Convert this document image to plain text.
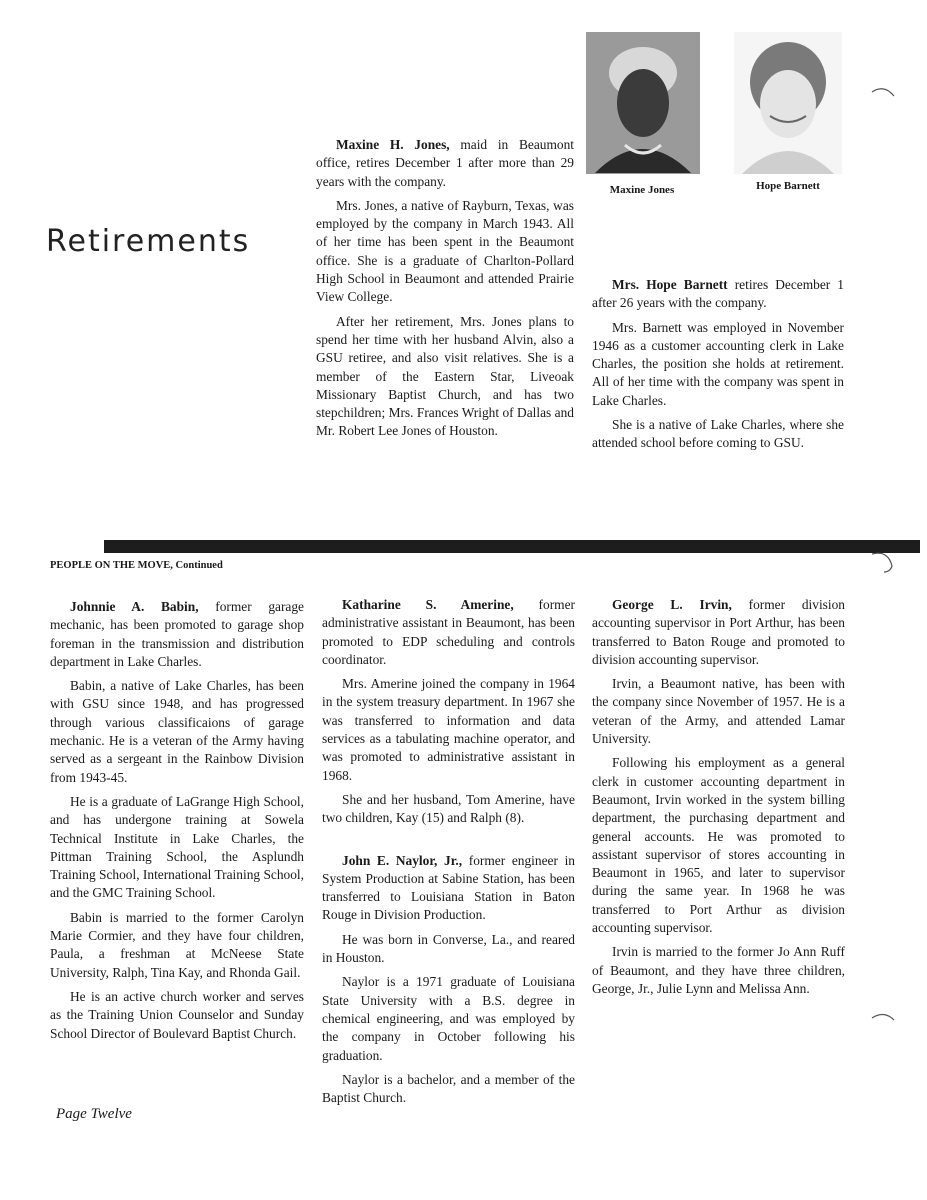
Retirements

Maxine H. Jones, maid in Beaumont office, retires December 1 after more than 29 years with the company.

Mrs. Jones, a native of Rayburn, Texas, was employed by the company in March 1943. All of her time has been spent in the Beaumont office. She is a graduate of Charlton-Pollard High School in Beaumont and attended Prairie View College.

After her retirement, Mrs. Jones plans to spend her time with her husband Alvin, also a GSU retiree, and also visit relatives. She is a member of the Eastern Star, Liveoak Missionary Baptist Church, and has two stepchildren; Mrs. Frances Wright of Dallas and Mr. Robert Lee Jones of Houston.

Maxine Jones	Hope Barnett

Mrs. Hope Barnett retires December 1 after 26 years with the company.

Mrs. Barnett was employed in November 1946 as a customer accounting clerk in Lake Charles, the position she holds at retirement. All of her time with the company was spent in Lake Charles.

She is a native of Lake Charles, where she attended school before coming to GSU.

PEOPLE ON THE MOVE, Continued

Johnnie A. Babin, former garage mechanic, has been promoted to garage shop foreman in the transmission and distribution department in Lake Charles.

Babin, a native of Lake Charles, has been with GSU since 1948, and has progressed through various classificaions of garage mechanic. He is a veteran of the Army having served as a sergeant in the Rainbow Division from 1943-45.

He is a graduate of LaGrange High School, and has undergone training at Sowela Technical Institute in Lake Charles, the Pittman Training School, the Asplundh Training School, International Training School, and the GMC Training School.

Babin is married to the former Carolyn Marie Cormier, and they have four children, Paula, a freshman at McNeese State University, Ralph, Tina Kay, and Rhonda Gail.

He is an active church worker and serves as the Training Union Counselor and Sunday School Director of Boulevard Baptist Church.

Katharine S. Amerine, former administrative assistant in Beaumont, has been promoted to EDP scheduling and controls coordinator.

Mrs. Amerine joined the company in 1964 in the system treasury department. In 1967 she was transferred to information and data services as a tabulating machine operator, and was promoted to administrative assistant in 1968.

She and her husband, Tom Amerine, have two children, Kay (15) and Ralph (8).

John E. Naylor, Jr., former engineer in System Production at Sabine Station, has been transferred to Louisiana Station in Baton Rouge in Division Production.

He was born in Converse, La., and reared in Houston.

Naylor is a 1971 graduate of Louisiana State University with a B.S. degree in chemical engineering, and was employed by the company in October following his graduation.

Naylor is a bachelor, and a member of the Baptist Church.

George L. Irvin, former division accounting supervisor in Port Arthur, has been transferred to Baton Rouge and promoted to division accounting supervisor.

Irvin, a Beaumont native, has been with the company since November of 1957. He is a veteran of the Army, and attended Lamar University.

Following his employment as a general clerk in customer accounting department in Beaumont, Irvin worked in the system billing department, the purchasing department and general accounts. He was promoted to assistant supervisor of stores accounting in Beaumont in 1965, and later to supervisor during the same year. In 1968 he was transferred to Port Arthur as division accounting supervisor.

Irvin is married to the former Jo Ann Ruff of Beaumont, and they have three children, George, Jr., Julie Lynn and Melissa Ann.

Page Twelve
